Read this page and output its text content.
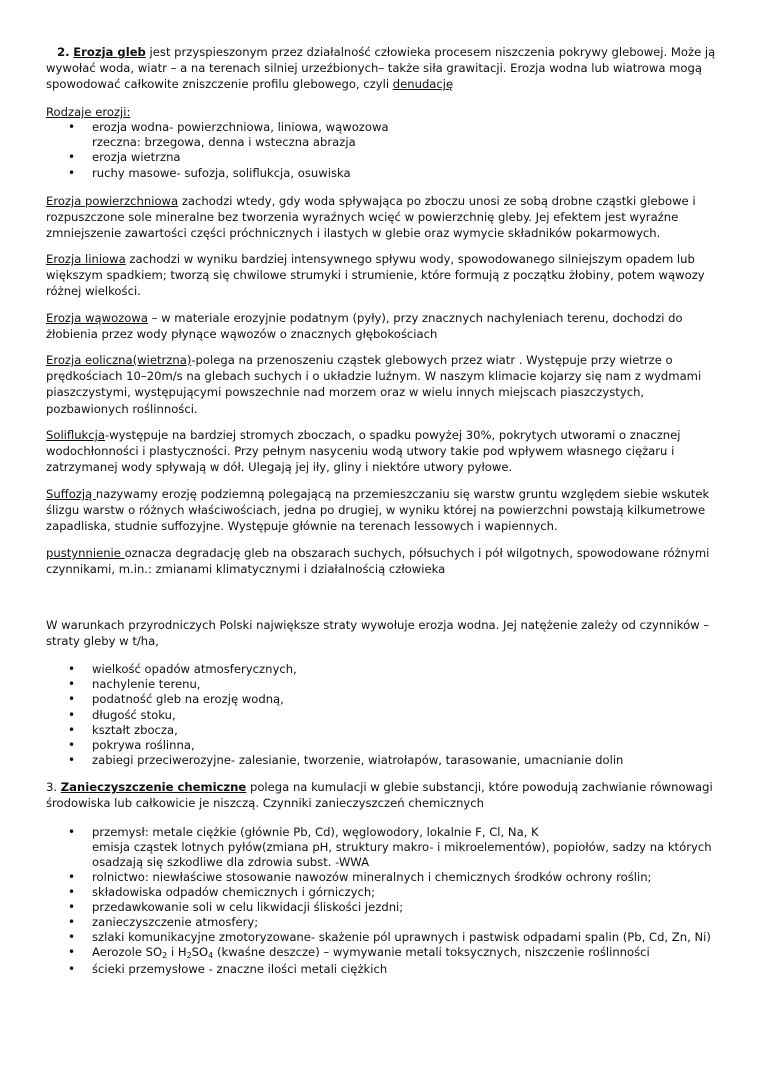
2. Erozja gleb jest przyspieszonym przez działalność człowieka procesem niszczenia pokrywy glebowej. Może ją wywołać woda, wiatr – a na terenach silniej urzeźbionych– także siła grawitacji. Erozja wodna lub wiatrowa mogą spowodować całkowite zniszczenie profilu glebowego, czyli denudację

Rodzaje erozji:

• erozja wodna- powierzchniowa, liniowa, wąwozowa
rzeczna: brzegowa, denna i wsteczna abrazja
• erozja wietrzna
• ruchy masowe- sufozja, soliflukcja, osuwiska

Erozja powierzchniowa zachodzi wtedy, gdy woda spływająca po zboczu unosi ze sobą drobne cząstki glebowe i rozpuszczone sole mineralne bez tworzenia wyraźnych wcięć w powierzchnię gleby. Jej efektem jest wyraźne zmniejszenie zawartości części próchnicznych i ilastych w glebie oraz wymycie składników pokarmowych.

Erozja liniowa zachodzi w wyniku bardziej intensywnego spływu wody, spowodowanego silniejszym opadem lub większym spadkiem; tworzą się chwilowe strumyki i strumienie, które formują z początku żłobiny, potem wąwozy różnej wielkości.

Erozja wąwozowa – w materiale erozyjnie podatnym (pyły), przy znacznych nachyleniach terenu, dochodzi do żłobienia przez wody płynące wąwozów o znacznych głębokościach

Erozja eoliczna(wietrzna)-polega na przenoszeniu cząstek glebowych przez wiatr . Występuje przy wietrze o prędkościach 10–20m/s na glebach suchych i o układzie luźnym. W naszym klimacie kojarzy się nam z wydmami piaszczystymi, występującymi powszechnie nad morzem oraz w wielu innych miejscach piaszczystych, pozbawionych roślinności.

Soliflukcja-występuje na bardziej stromych zboczach, o spadku powyżej 30%, pokrytych utworami o znacznej wodochłonności i plastyczności. Przy pełnym nasyceniu wodą utwory takie pod wpływem własnego ciężaru i zatrzymanej wody spływają w dół. Ulegają jej iły, gliny i niektóre utwory pyłowe.

Suffozją nazywamy erozję podziemną polegającą na przemieszczaniu się warstw gruntu względem siebie wskutek ślizgu warstw o różnych właściwościach, jedna po drugiej, w wyniku której na powierzchni powstają kilkumetrowe zapadliska, studnie suffozyjne. Występuje głównie na terenach lessowych i wapiennych.

pustynnienie oznacza degradację gleb na obszarach suchych, półsuchych i pół wilgotnych, spowodowane różnymi czynnikami, m.in.: zmianami klimatycznymi i działalnością człowieka

W warunkach przyrodniczych Polski największe straty wywołuje erozja wodna. Jej natężenie zależy od czynników –straty gleby w t/ha,

• wielkość opadów atmosferycznych,
• nachylenie terenu,
• podatność gleb na erozję wodną,
• długość stoku,
• kształt zbocza,
• pokrywa roślinna,
• zabiegi przeciwerozyjne- zalesianie, tworzenie, wiatrołapów, tarasowanie, umacnianie dolin

3. Zanieczyszczenie chemiczne polega na kumulacji w glebie substancji, które powodują zachwianie równowagi środowiska lub całkowicie je niszczą. Czynniki zanieczyszczeń chemicznych

• przemysł: metale ciężkie (głównie Pb, Cd), węglowodory, lokalnie F, Cl, Na, K
emisja cząstek lotnych pyłów(zmiana pH, struktury makro- i mikroelementów), popiołów, sadzy na których osadzają się szkodliwe dla zdrowia subst. -WWA
• rolnictwo: niewłaściwe stosowanie nawozów mineralnych i chemicznych środków ochrony roślin;
• składowiska odpadów chemicznych i górniczych;
• przedawkowanie soli w celu likwidacji śliskości jezdni;
• zanieczyszczenie atmosfery;
• szlaki komunikacyjne zmotoryzowane- skażenie pól uprawnych i pastwisk odpadami spalin (Pb, Cd, Zn, Ni)
• Aerozole $SO_2$ i $H_2SO_4$ (kwaśne deszcze) – wymywanie metali toksycznych, niszczenie roślinności
• ścieki przemysłowe - znaczne ilości metali ciężkich
